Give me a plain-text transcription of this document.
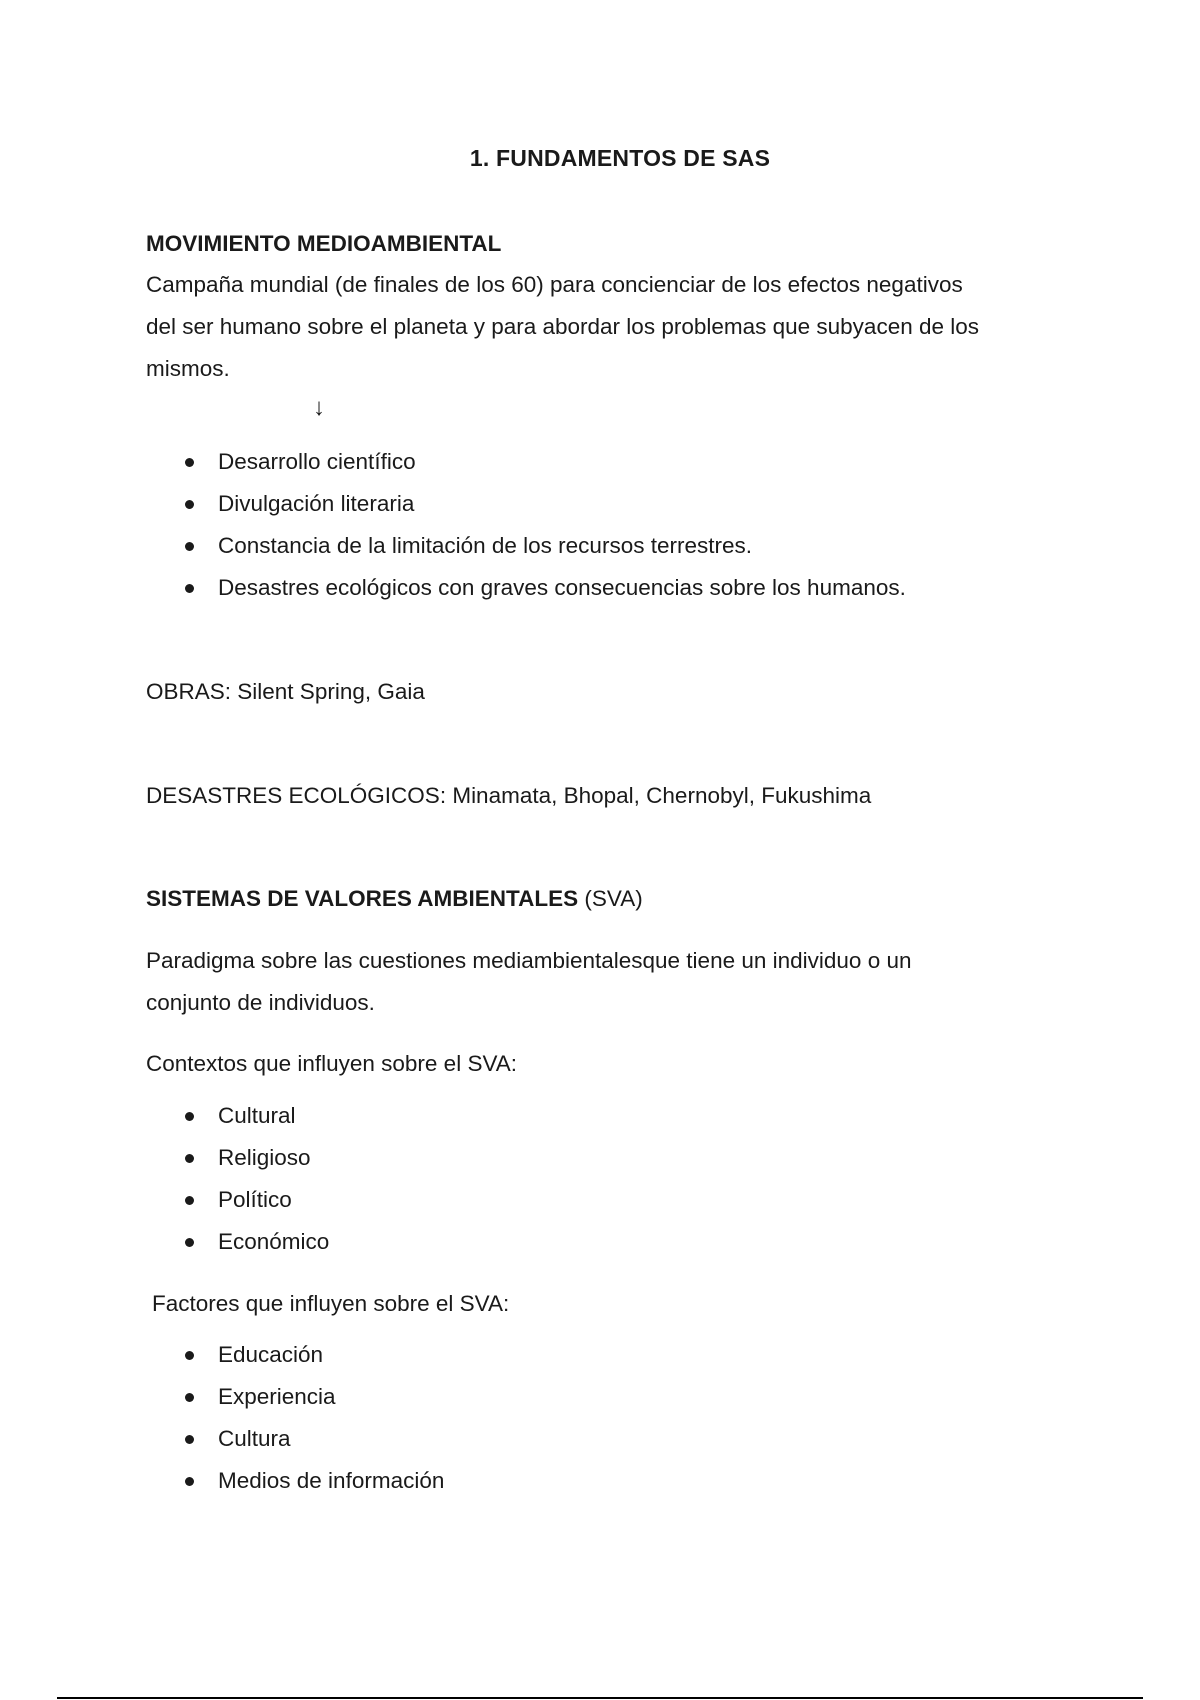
1. FUNDAMENTOS DE SAS
MOVIMIENTO MEDIOAMBIENTAL
Campaña mundial (de finales de los 60) para concienciar de los efectos negativos
del ser humano sobre el planeta y para abordar los problemas que subyacen de los
mismos.
↓
Desarrollo científico
Divulgación literaria
Constancia de la limitación de los recursos terrestres.
Desastres ecológicos con graves consecuencias sobre los humanos.
OBRAS: Silent Spring, Gaia
DESASTRES ECOLÓGICOS: Minamata, Bhopal, Chernobyl, Fukushima
SISTEMAS DE VALORES AMBIENTALES (SVA)
Paradigma sobre las cuestiones mediambientalesque tiene un individuo o un
conjunto de individuos.
Contextos que influyen sobre el SVA:
Cultural
Religioso
Político
Económico
Factores que influyen sobre el SVA:
Educación
Experiencia
Cultura
Medios de información
